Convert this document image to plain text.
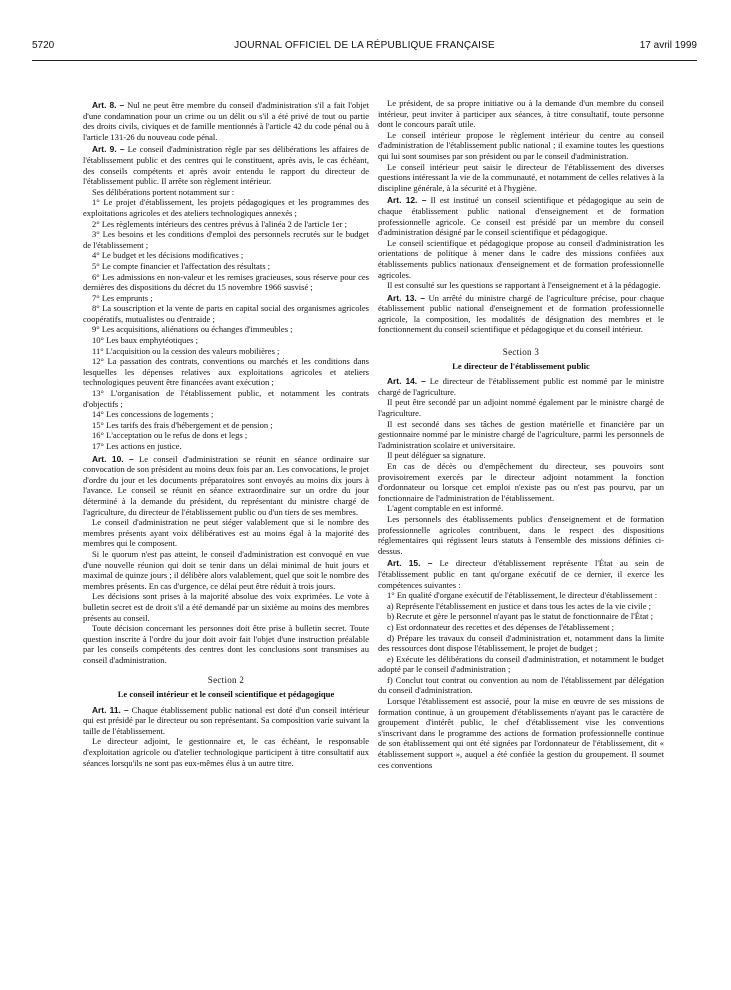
5720	JOURNAL OFFICIEL DE LA RÉPUBLIQUE FRANÇAISE	17 avril 1999

Art. 8. – Nul ne peut être membre du conseil d'administration s'il a fait l'objet d'une condamnation pour un crime ou un délit ou s'il a été privé de tout ou partie des droits civils, civiques et de famille mentionnés à l'article 42 du code pénal ou à l'article 131-26 du nouveau code pénal.

Art. 9. – Le conseil d'administration règle par ses délibérations les affaires de l'établissement public et des centres qui le constituent, après avis, le cas échéant, des conseils compétents et après avoir entendu le rapport du directeur de l'établissement public. Il arrête son règlement intérieur.

Ses délibérations portent notamment sur :

1° Le projet d'établissement, les projets pédagogiques et les programmes des exploitations agricoles et des ateliers technologiques annexés ;

2° Les règlements intérieurs des centres prévus à l'alinéa 2 de l'article 1er ;

3° Les besoins et les conditions d'emploi des personnels recrutés sur le budget de l'établissement ;

4° Le budget et les décisions modificatives ;

5° Le compte financier et l'affectation des résultats ;

6° Les admissions en non-valeur et les remises gracieuses, sous réserve pour ces dernières des dispositions du décret du 15 novembre 1966 susvisé ;

7° Les emprunts ;

8° La souscription et la vente de parts en capital social des organismes agricoles coopératifs, mutualistes ou d'entraide ;

9° Les acquisitions, aliénations ou échanges d'immeubles ;

10° Les baux emphytéotiques ;

11° L'acquisition ou la cession des valeurs mobilières ;

12° La passation des contrats, conventions ou marchés et les conditions dans lesquelles les dépenses relatives aux exploitations agricoles et ateliers technologiques peuvent être financées avant exécution ;

13° L'organisation de l'établissement public, et notamment les contrats d'objectifs ;

14° Les concessions de logements ;

15° Les tarifs des frais d'hébergement et de pension ;

16° L'acceptation ou le refus de dons et legs ;

17° Les actions en justice.

Art. 10. – Le conseil d'administration se réunit en séance ordinaire sur convocation de son président au moins deux fois par an. Les convocations, le projet d'ordre du jour et les documents préparatoires sont envoyés au moins dix jours à l'avance. Le conseil se réunit en séance extraordinaire sur un ordre du jour déterminé à la demande du président, du représentant du ministre chargé de l'agriculture, du directeur de l'établissement public ou d'un tiers de ses membres.

Le conseil d'administration ne peut siéger valablement que si le nombre des membres présents ayant voix délibératives est au moins égal à la majorité des membres qui le composent.

Si le quorum n'est pas atteint, le conseil d'administration est convoqué en vue d'une nouvelle réunion qui doit se tenir dans un délai minimal de huit jours et maximal de quinze jours ; il délibère alors valablement, quel que soit le nombre des membres présents. En cas d'urgence, ce délai peut être réduit à trois jours.

Les décisions sont prises à la majorité absolue des voix exprimées. Le vote à bulletin secret est de droit s'il a été demandé par un sixième au moins des membres présents au conseil.

Toute décision concernant les personnes doit être prise à bulletin secret. Toute question inscrite à l'ordre du jour doit avoir fait l'objet d'une instruction préalable par les conseils compétents des centres dont les conclusions sont transmises au conseil d'administration.

Section 2
Le conseil intérieur et le conseil scientifique et pédagogique

Art. 11. – Chaque établissement public national est doté d'un conseil intérieur qui est présidé par le directeur ou son représentant. Sa composition varie suivant la taille de l'établissement.

Le directeur adjoint, le gestionnaire et, le cas échéant, le responsable d'exploitation agricole ou d'atelier technologique participent à titre consultatif aux séances lorsqu'ils ne sont pas eux-mêmes élus à un autre titre.

Le président, de sa propre initiative ou à la demande d'un membre du conseil intérieur, peut inviter à participer aux séances, à titre consultatif, toute personne dont le concours paraît utile.

Le conseil intérieur propose le règlement intérieur du centre au conseil d'administration de l'établissement public national ; il examine toutes les questions qui lui sont soumises par son président ou par le conseil d'administration.

Le conseil intérieur peut saisir le directeur de l'établissement des diverses questions intéressant la vie de la communauté, et notamment de celles relatives à la discipline générale, à la sécurité et à l'hygiène.

Art. 12. – Il est institué un conseil scientifique et pédagogique au sein de chaque établissement public national d'enseignement et de formation professionnelle agricole. Ce conseil est présidé par un membre du conseil d'administration désigné par le conseil scientifique et pédagogique.

Le conseil scientifique et pédagogique propose au conseil d'administration les orientations de politique à mener dans le cadre des missions confiées aux établissements publics nationaux d'enseignement et de formation professionnelle agricoles.

Il est consulté sur les questions se rapportant à l'enseignement et à la pédagogie.

Art. 13. – Un arrêté du ministre chargé de l'agriculture précise, pour chaque établissement public national d'enseignement et de formation professionnelle agricole, la composition, les modalités de désignation des membres et le fonctionnement du conseil scientifique et pédagogique et du conseil intérieur.

Section 3
Le directeur de l'établissement public

Art. 14. – Le directeur de l'établissement public est nommé par le ministre chargé de l'agriculture.

Il peut être secondé par un adjoint nommé également par le ministre chargé de l'agriculture.

Il est secondé dans ses tâches de gestion matérielle et financière par un gestionnaire nommé par le ministre chargé de l'agriculture, parmi les personnels de l'administration scolaire et universitaire.

Il peut déléguer sa signature.

En cas de décès ou d'empêchement du directeur, ses pouvoirs sont provisoirement exercés par le directeur adjoint notamment la fonction d'ordonnateur ou lorsque cet emploi n'existe pas ou n'est pas pourvu, par un fonctionnaire de l'administration de l'établissement.

L'agent comptable en est informé.

Les personnels des établissements publics d'enseignement et de formation professionnelle agricoles contribuent, dans le respect des dispositions réglementaires qui régissent leurs statuts à l'ensemble des missions définies ci-dessus.

Art. 15. – Le directeur d'établissement représente l'État au sein de l'établissement public en tant qu'organe exécutif de ce dernier, il exerce les compétences suivantes :

1° En qualité d'organe exécutif de l'établissement, le directeur d'établissement :

a) Représente l'établissement en justice et dans tous les actes de la vie civile ;

b) Recrute et gère le personnel n'ayant pas le statut de fonctionnaire de l'État ;

c) Est ordonnateur des recettes et des dépenses de l'établissement ;

d) Prépare les travaux du conseil d'administration et, notamment dans la limite des ressources dont dispose l'établissement, le projet de budget ;

e) Exécute les délibérations du conseil d'administration, et notamment le budget adopté par le conseil d'administration ;

f) Conclut tout contrat ou convention au nom de l'établissement par délégation du conseil d'administration.

Lorsque l'établissement est associé, pour la mise en œuvre de ses missions de formation continue, à un groupement d'établissements n'ayant pas le caractère de groupement d'intérêt public, le chef d'établissement vise les conventions s'inscrivant dans le programme des actions de formation professionnelle continue de son établissement qui ont été signées par l'ordonnateur de l'établissement, dit « établissement support », auquel a été confiée la gestion du groupement. Il soumet ces conventions
